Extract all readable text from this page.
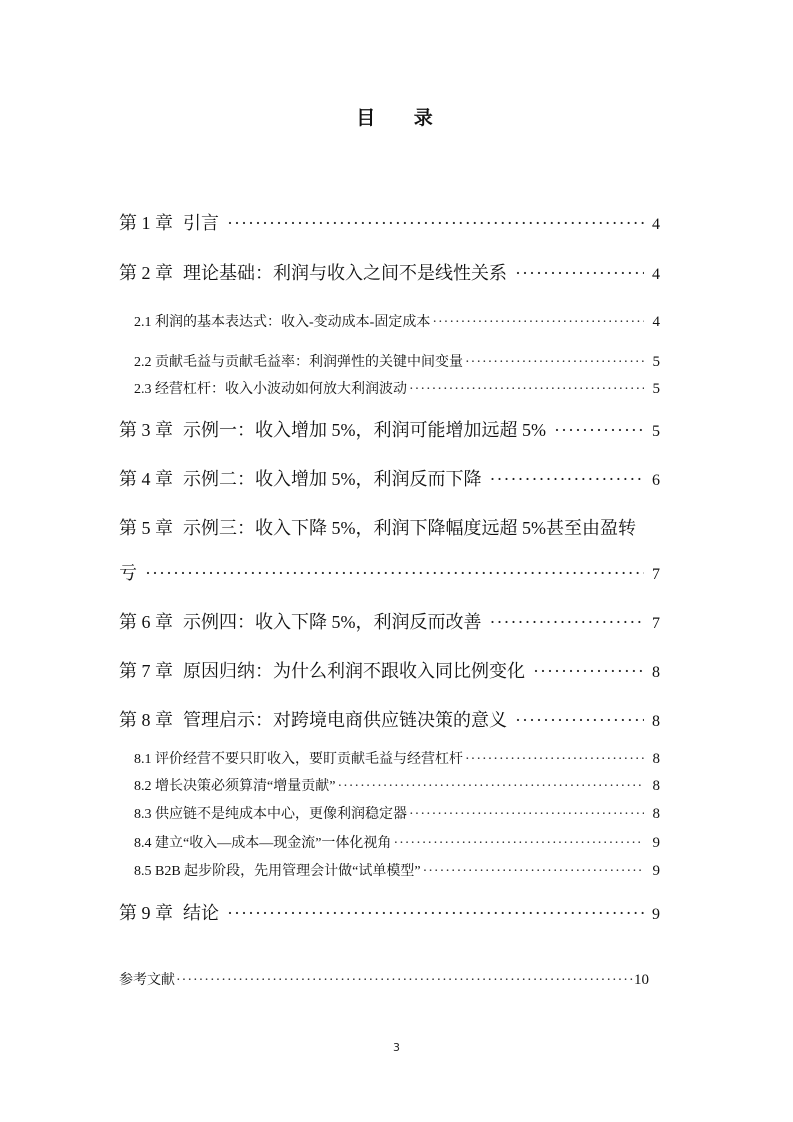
目 录
第 1 章 引言 ·····	4
第 2 章 理论基础：利润与收入之间不是线性关系 ·····	4
2.1 利润的基本表达式：收入-变动成本-固定成本 ·····	4
2.2 贡献毛益与贡献毛益率：利润弹性的关键中间变量 ·····	5
2.3 经营杠杆：收入小波动如何放大利润波动 ·····	5
第 3 章 示例一：收入增加 5%，利润可能增加远超 5% ·····	5
第 4 章 示例二：收入增加 5%，利润反而下降 ·····	6
第 5 章 示例三：收入下降 5%，利润下降幅度远超 5%甚至由盈转
亏 ·····	7
第 6 章 示例四：收入下降 5%，利润反而改善 ·····	7
第 7 章 原因归纳：为什么利润不跟收入同比例变化 ·····	8
第 8 章 管理启示：对跨境电商供应链决策的意义 ·····	8
8.1 评价经营不要只盯收入，要盯贡献毛益与经营杠杆 ·····	8
8.2 增长决策必须算清“增量贡献” ·····	8
8.3 供应链不是纯成本中心，更像利润稳定器 ·····	8
8.4 建立“收入—成本—现金流”一体化视角 ·····	9
8.5 B2B 起步阶段，先用管理会计做“试单模型” ·····	9
第 9 章 结论 ·····	9
参考文献 ·····	10
3
